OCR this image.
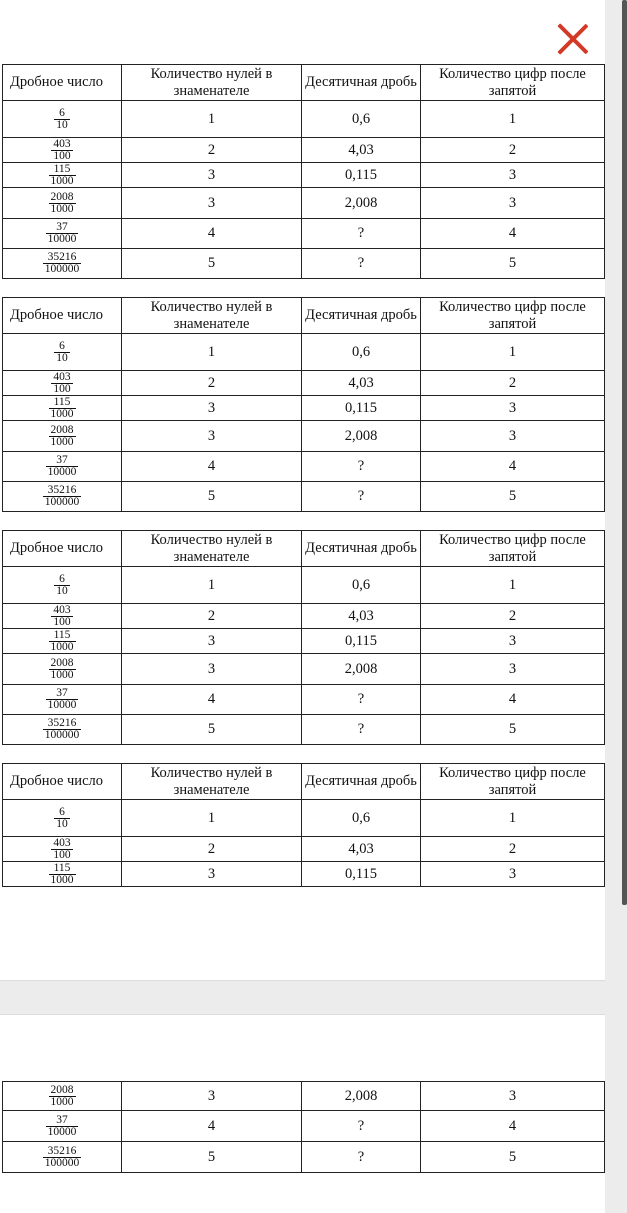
Дробное число	Количество нулей в знаменателе	Десятичная дробь	Количество цифр после запятой

$\frac{6}{10}$	1	0,6	1

$\frac{403}{100}$	2	4,03	2

$\frac{115}{1000}$	3	0,115	3

$\frac{2008}{1000}$	3	2,008	3

$\frac{37}{10000}$	4	?	4

$\frac{35216}{100000}$	5	?	5
Дробное число	Количество нулей в знаменателе	Десятичная дробь	Количество цифр после запятой

$\frac{6}{10}$	1	0,6	1

$\frac{403}{100}$	2	4,03	2

$\frac{115}{1000}$	3	0,115	3

$\frac{2008}{1000}$	3	2,008	3

$\frac{37}{10000}$	4	?	4

$\frac{35216}{100000}$	5	?	5
Дробное число	Количество нулей в знаменателе	Десятичная дробь	Количество цифр после запятой

$\frac{6}{10}$	1	0,6	1

$\frac{403}{100}$	2	4,03	2

$\frac{115}{1000}$	3	0,115	3

$\frac{2008}{1000}$	3	2,008	3

$\frac{37}{10000}$	4	?	4

$\frac{35216}{100000}$	5	?	5
Дробное число	Количество нулей в знаменателе	Десятичная дробь	Количество цифр после запятой

$\frac{6}{10}$	1	0,6	1

$\frac{403}{100}$	2	4,03	2

$\frac{115}{1000}$	3	0,115	3
$\frac{2008}{1000}$	3	2,008	3

$\frac{37}{10000}$	4	?	4

$\frac{35216}{100000}$	5	?	5
